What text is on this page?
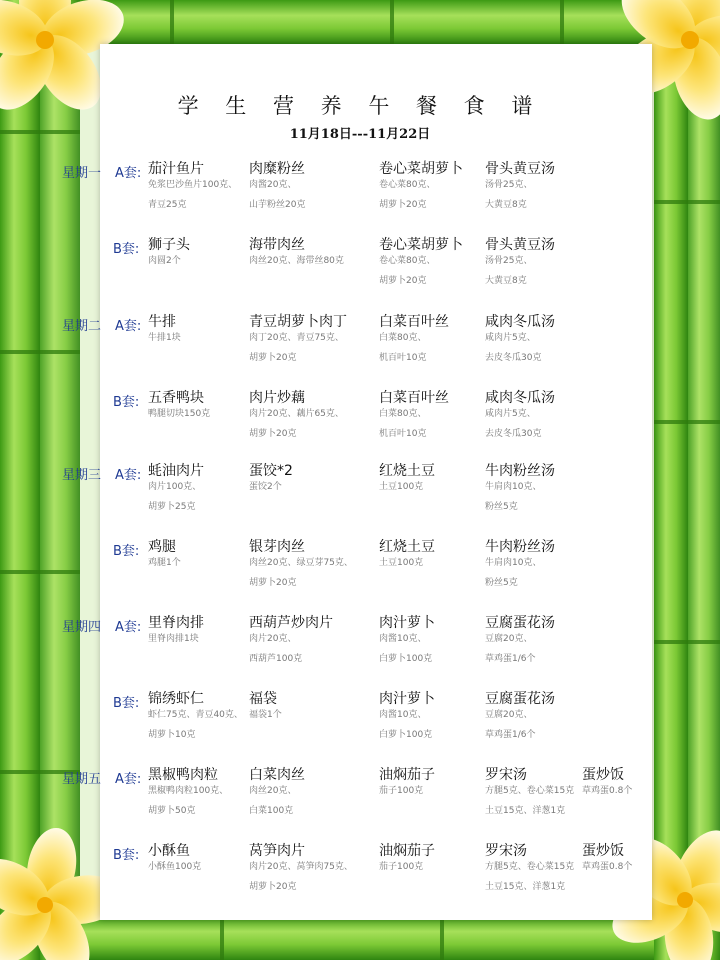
学 生 营 养 午 餐 食 谱
11月18日---11月22日
星期一 A套: 茄汁鱼片
免浆巴沙鱼片100克、
青豆25克
肉糜粉丝
肉酱20克、
山芋粉丝20克
卷心菜胡萝卜
卷心菜80克、
胡萝卜20克
骨头黄豆汤
汤骨25克、
大黄豆8克
B套: 狮子头
肉圆2个
海带肉丝
肉丝20克、海带丝80克
卷心菜胡萝卜
卷心菜80克、
胡萝卜20克
骨头黄豆汤
汤骨25克、
大黄豆8克
星期二 A套: 牛排
牛排1块
青豆胡萝卜肉丁
肉丁20克、青豆75克、
胡萝卜20克
白菜百叶丝
白菜80克、
机百叶10克
咸肉冬瓜汤
咸肉片5克、
去皮冬瓜30克
B套: 五香鸭块
鸭腿切块150克
肉片炒藕
肉片20克、藕片65克、
胡萝卜20克
白菜百叶丝
白菜80克、
机百叶10克
咸肉冬瓜汤
咸肉片5克、
去皮冬瓜30克
星期三 A套: 蚝油肉片
肉片100克、
胡萝卜25克
蛋饺*2
蛋饺2个
红烧土豆
土豆100克
牛肉粉丝汤
牛肩肉10克、
粉丝5克
B套: 鸡腿
鸡腿1个
银芽肉丝
肉丝20克、绿豆芽75克、
胡萝卜20克
红烧土豆
土豆100克
牛肉粉丝汤
牛肩肉10克、
粉丝5克
星期四 A套: 里脊肉排
里脊肉排1块
西葫芦炒肉片
肉片20克、
西葫芦100克
肉汁萝卜
肉酱10克、
白萝卜100克
豆腐蛋花汤
豆腐20克、
草鸡蛋1/6个
B套: 锦绣虾仁
虾仁75克、青豆40克、
胡萝卜10克
福袋
福袋1个
肉汁萝卜
肉酱10克、
白萝卜100克
豆腐蛋花汤
豆腐20克、
草鸡蛋1/6个
星期五 A套: 黑椒鸭肉粒
黑椒鸭肉粒100克、
胡萝卜50克
白菜肉丝
肉丝20克、
白菜100克
油焖茄子
茄子100克
罗宋汤
方腿5克、卷心菜15克
土豆15克、洋葱1克
蛋炒饭
草鸡蛋0.8个
B套: 小酥鱼
小酥鱼100克
莴笋肉片
肉片20克、莴笋肉75克、
胡萝卜20克
油焖茄子
茄子100克
罗宋汤
方腿5克、卷心菜15克
土豆15克、洋葱1克
蛋炒饭
草鸡蛋0.8个
